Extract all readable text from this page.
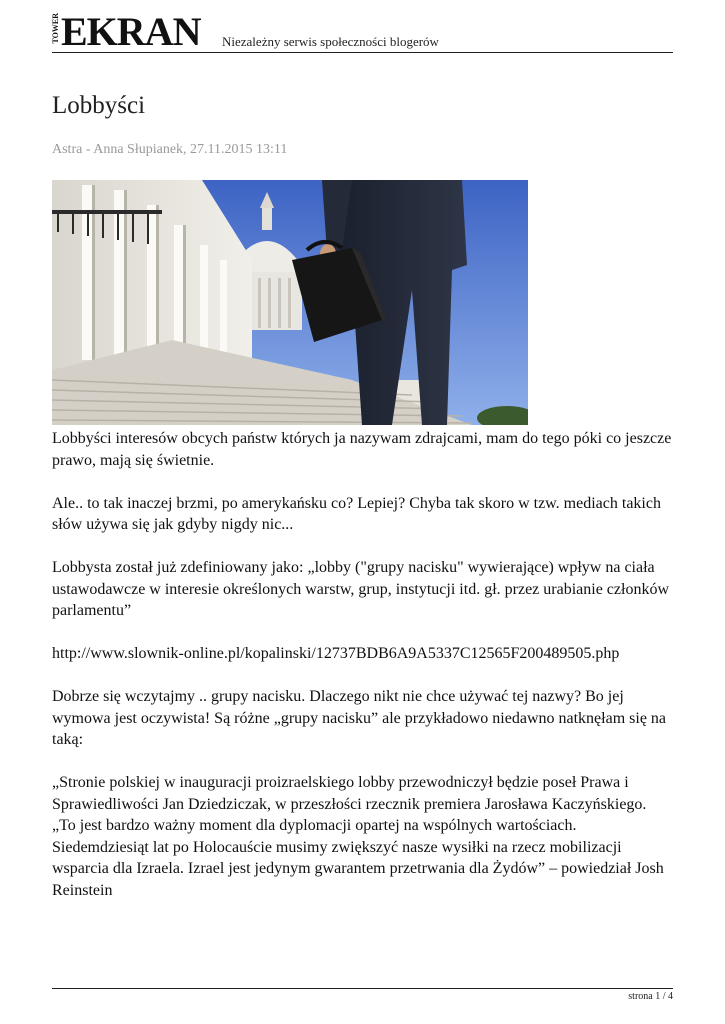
TOWER EKRAN Niezależny serwis społeczności blogerów
Lobbyści
Astra - Anna Słupianek, 27.11.2015 13:11

Lobbyści interesów obcych państw których ja nazywam zdrajcami, mam do tego póki co jeszcze prawo, mają się świetnie.

Ale.. to tak inaczej brzmi, po amerykańsku co? Lepiej? Chyba tak skoro w tzw. mediach takich słów używa się jak gdyby nigdy nic...

Lobbysta został już zdefiniowany jako: „lobby ("grupy nacisku" wywierające) wpływ na ciała ustawodawcze w interesie określonych warstw, grup, instytucji itd. gł. przez urabianie członków parlamentu”

http://www.slownik-online.pl/kopalinski/12737BDB6A9A5337C12565F200489505.php

Dobrze się wczytajmy .. grupy nacisku. Dlaczego nikt nie chce używać tej nazwy? Bo jej wymowa jest oczywista! Są różne „grupy nacisku” ale przykładowo niedawno natknęłam się na taką:

„Stronie polskiej w inauguracji proizraelskiego lobby przewodniczył będzie poseł Prawa i Sprawiedliwości Jan Dziedziczak, w przeszłości rzecznik premiera Jarosława Kaczyńskiego. „To jest bardzo ważny moment dla dyplomacji opartej na wspólnych wartościach. Siedemdziesiąt lat po Holocauście musimy zwiększyć nasze wysiłki na rzecz mobilizacji wsparcia dla Izraela. Izrael jest jedynym gwarantem przetrwania dla Żydów” – powiedział Josh Reinstein

strona 1 / 4
